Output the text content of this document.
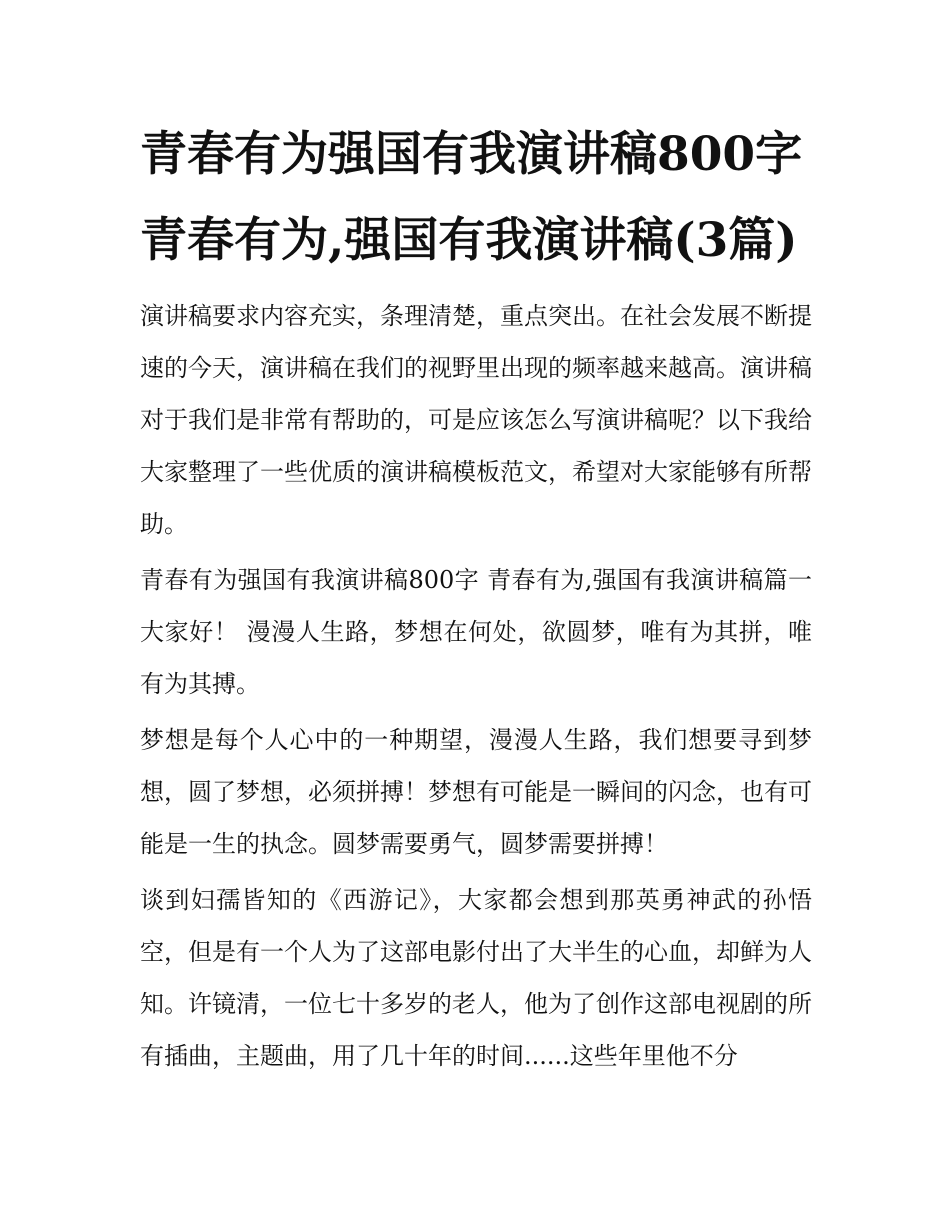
青春有为强国有我演讲稿800字 青春有为,强国有我演讲稿(3篇)

演讲稿要求内容充实，条理清楚，重点突出。在社会发展不断提速的今天，演讲稿在我们的视野里出现的频率越来越高。演讲稿对于我们是非常有帮助的，可是应该怎么写演讲稿呢？以下我给大家整理了一些优质的演讲稿模板范文，希望对大家能够有所帮助。

青春有为强国有我演讲稿800字 青春有为,强国有我演讲稿篇一 大家好！ 漫漫人生路，梦想在何处，欲圆梦，唯有为其拼，唯有为其搏。

梦想是每个人心中的一种期望，漫漫人生路，我们想要寻到梦想，圆了梦想，必须拼搏！梦想有可能是一瞬间的闪念，也有可能是一生的执念。圆梦需要勇气，圆梦需要拼搏！

谈到妇孺皆知的《西游记》，大家都会想到那英勇神武的孙悟空，但是有一个人为了这部电影付出了大半生的心血，却鲜为人知。许镜清，一位七十多岁的老人，他为了创作这部电视剧的所有插曲，主题曲，用了几十年的时间......这些年里他不分
